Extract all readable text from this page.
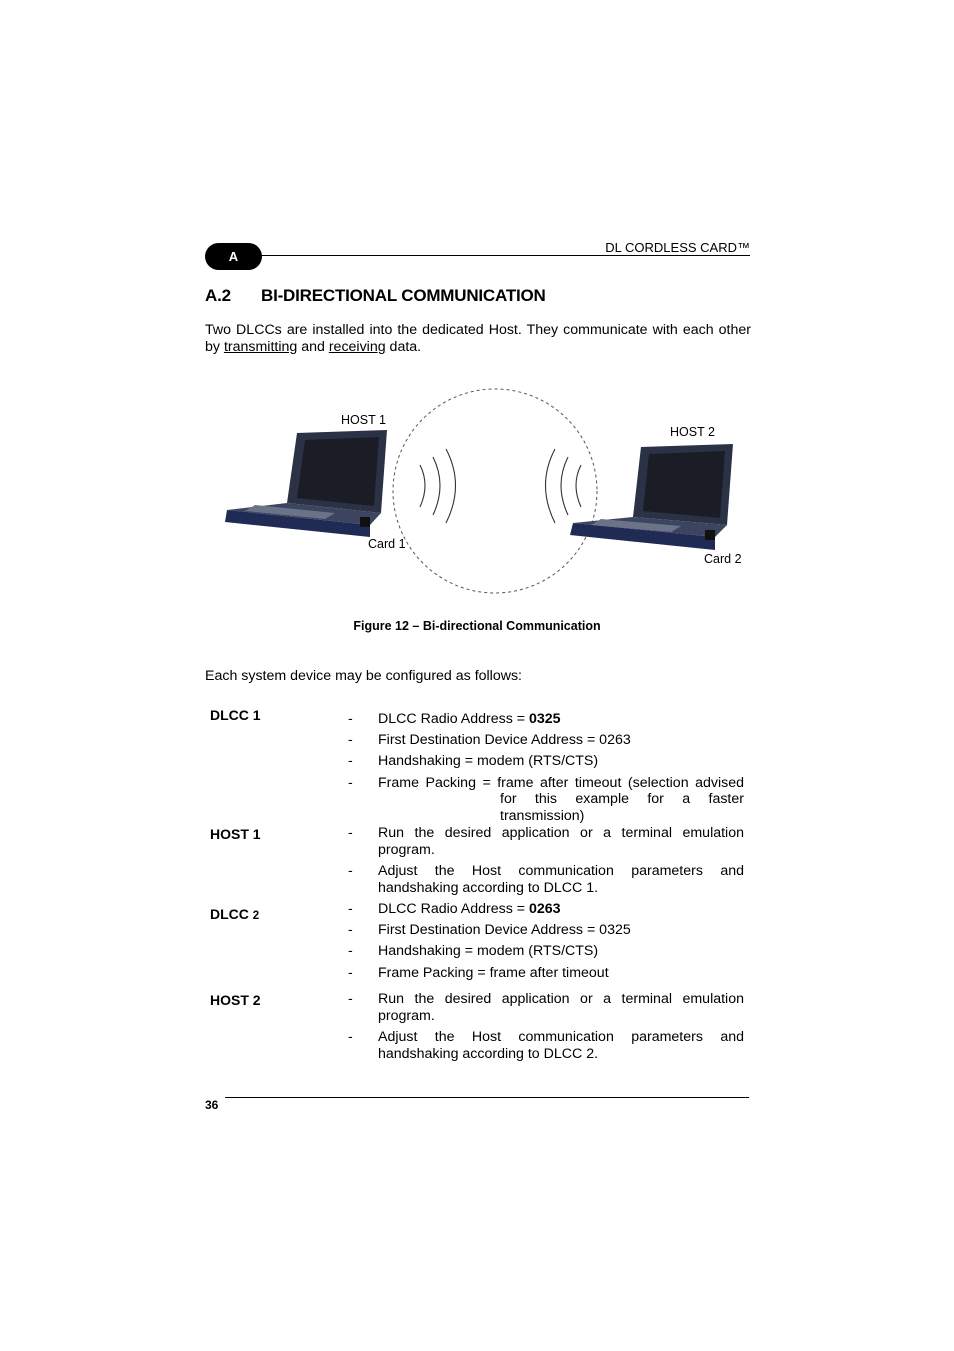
A
DL CORDLESS CARD™
A.2 BI-DIRECTIONAL COMMUNICATION
Two DLCCs are installed into the dedicated Host. They communicate with each other by transmitting and receiving data.
HOST 1
HOST 2
Card 1
Card 2
Figure 12 – Bi-directional Communication
Each system device may be configured as follows:
DLCC 1	- DLCC Radio Address = 0325
- First Destination Device Address = 0263
- Handshaking = modem (RTS/CTS)
- Frame Packing = frame after timeout (selection advised
for this example for a faster transmission)
HOST 1	- Run the desired application or a terminal emulation program.
- Adjust the Host communication parameters and handshaking according to DLCC 1.
DLCC 2	- DLCC Radio Address = 0263
- First Destination Device Address = 0325
- Handshaking = modem (RTS/CTS)
- Frame Packing = frame after timeout
HOST 2	- Run the desired application or a terminal emulation program.
- Adjust the Host communication parameters and handshaking according to DLCC 2.
36
